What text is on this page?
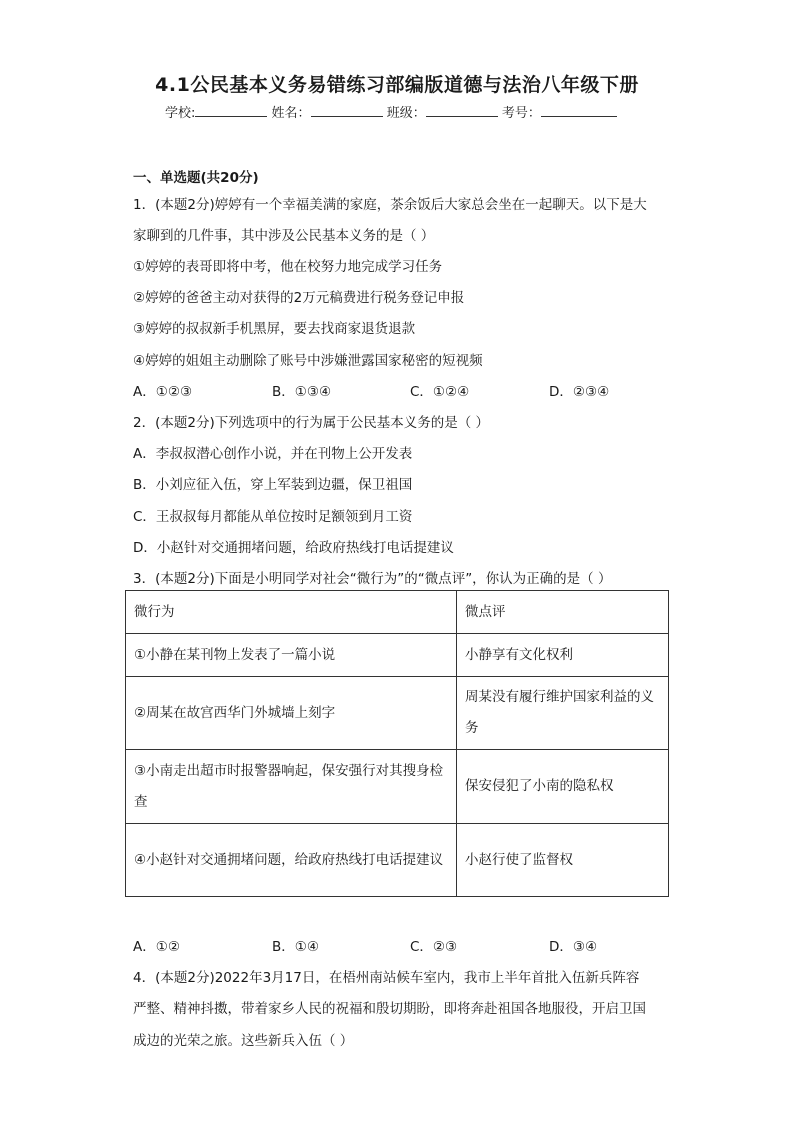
4.1公民基本义务易错练习部编版道德与法治八年级下册
学校:	姓名：	班级：	考号：
一、单选题(共20分)
1．(本题2分)婷婷有一个幸福美满的家庭，茶余饭后大家总会坐在一起聊天。以下是大
家聊到的几件事，其中涉及公民基本义务的是（ ）
①婷婷的表哥即将中考，他在校努力地完成学习任务
②婷婷的爸爸主动对获得的2万元稿费进行税务登记申报
③婷婷的叔叔新手机黑屏，要去找商家退货退款
④婷婷的姐姐主动删除了账号中涉嫌泄露国家秘密的短视频
A．①②③	B．①③④	C．①②④	D．②③④
2．(本题2分)下列选项中的行为属于公民基本义务的是（ ）
A．李叔叔潜心创作小说，并在刊物上公开发表
B．小刘应征入伍，穿上军装到边疆，保卫祖国
C．王叔叔每月都能从单位按时足额领到月工资
D．小赵针对交通拥堵问题，给政府热线打电话提建议
3．(本题2分)下面是小明同学对社会“微行为”的“微点评”，你认为正确的是（ ）
微行为	微点评
①小静在某刊物上发表了一篇小说	小静享有文化权利
②周某在故宫西华门外城墙上刻字	周某没有履行维护国家利益的义务
③小南走出超市时报警器响起，保安强行对其搜身检查	保安侵犯了小南的隐私权
④小赵针对交通拥堵问题，给政府热线打电话提建议	小赵行使了监督权
A．①②	B．①④	C．②③	D．③④
4．(本题2分)2022年3月17日，在梧州南站候车室内，我市上半年首批入伍新兵阵容
严整、精神抖擞，带着家乡人民的祝福和殷切期盼，即将奔赴祖国各地服役，开启卫国
成边的光荣之旅。这些新兵入伍（ ）
